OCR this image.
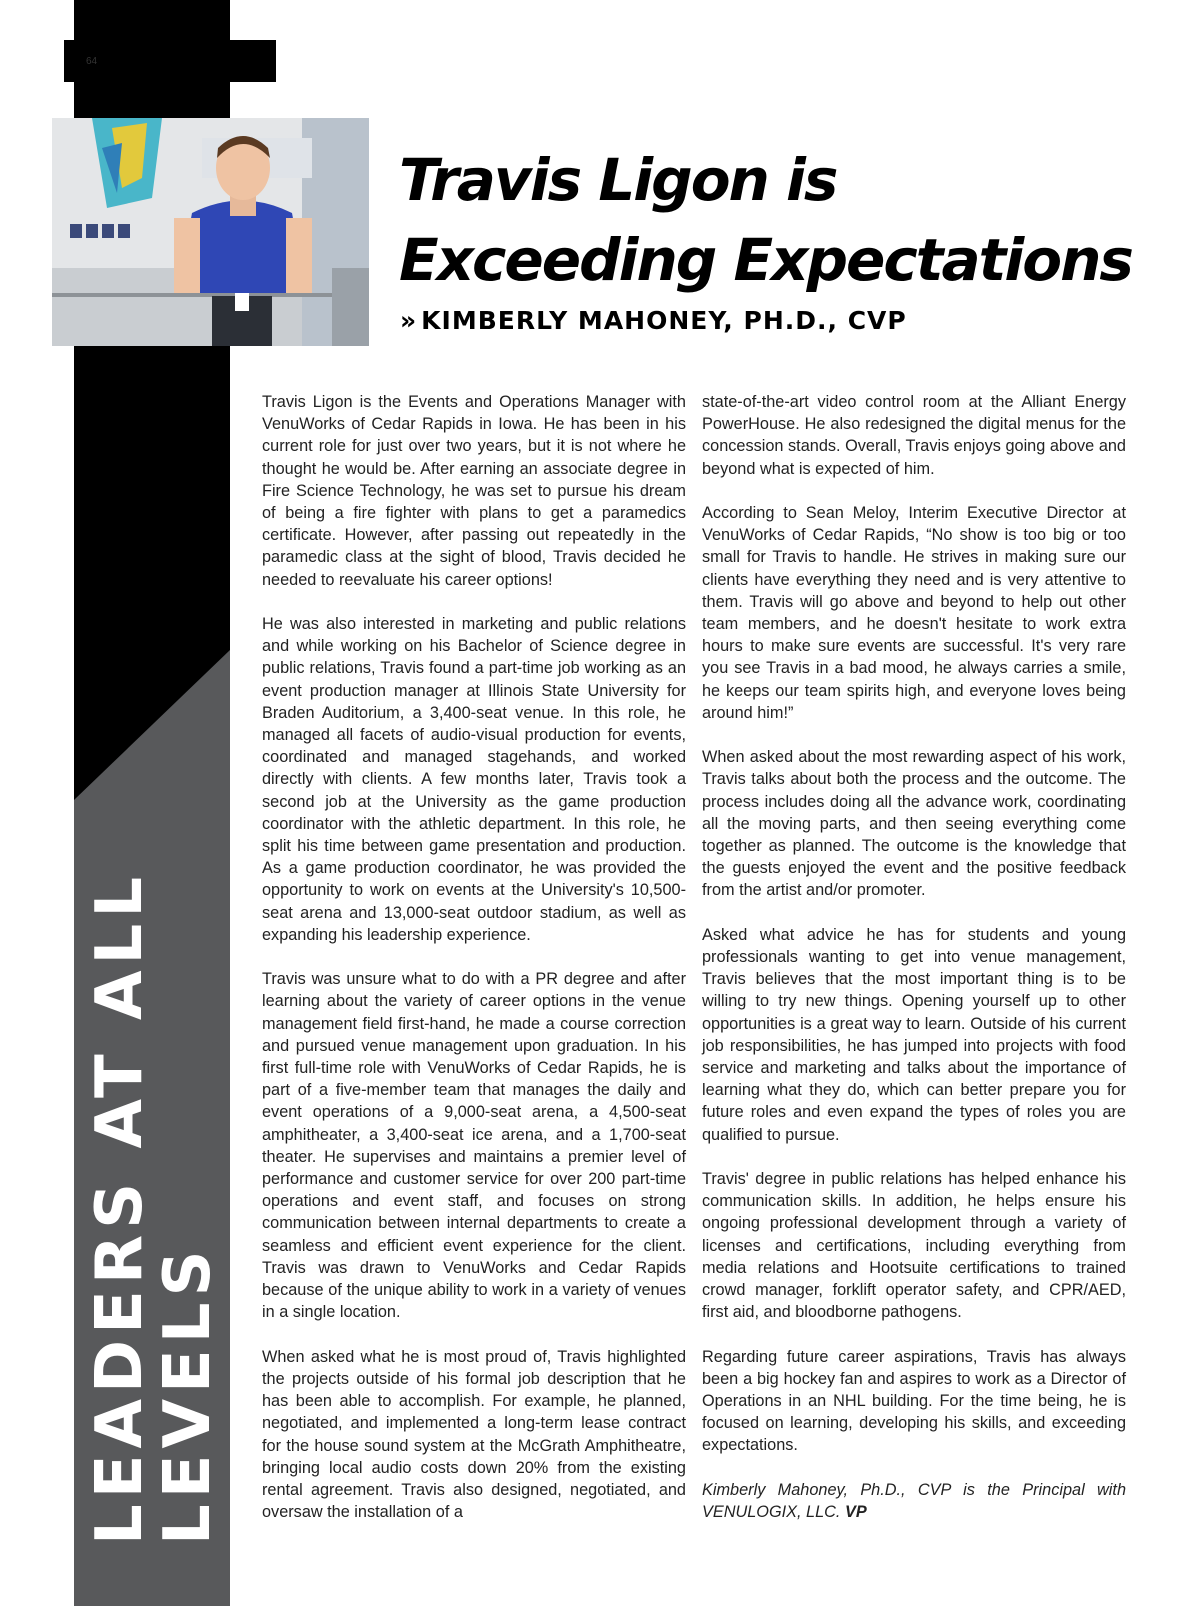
64
LEADERS AT ALL
LEVELS
Travis Ligon is Exceeding Expectations
» KIMBERLY MAHONEY, PH.D., CVP

Travis Ligon is the Events and Operations Manager with VenuWorks of Cedar Rapids in Iowa. He has been in his current role for just over two years, but it is not where he thought he would be. After earning an associate degree in Fire Science Technology, he was set to pursue his dream of being a fire fighter with plans to get a paramedics certificate. However, after passing out repeatedly in the paramedic class at the sight of blood, Travis decided he needed to reevaluate his career options!

He was also interested in marketing and public relations and while working on his Bachelor of Science degree in public relations, Travis found a part-time job working as an event production manager at Illinois State University for Braden Auditorium, a 3,400-seat venue. In this role, he managed all facets of audio-visual production for events, coordinated and managed stagehands, and worked directly with clients. A few months later, Travis took a second job at the University as the game production coordinator with the athletic department. In this role, he split his time between game presentation and production. As a game production coordinator, he was provided the opportunity to work on events at the University's 10,500-seat arena and 13,000-seat outdoor stadium, as well as expanding his leadership experience.

Travis was unsure what to do with a PR degree and after learning about the variety of career options in the venue management field first-hand, he made a course correction and pursued venue management upon graduation. In his first full-time role with VenuWorks of Cedar Rapids, he is part of a five-member team that manages the daily and event operations of a 9,000-seat arena, a 4,500-seat amphitheater, a 3,400-seat ice arena, and a 1,700-seat theater. He supervises and maintains a premier level of performance and customer service for over 200 part-time operations and event staff, and focuses on strong communication between internal departments to create a seamless and efficient event experience for the client. Travis was drawn to VenuWorks and Cedar Rapids because of the unique ability to work in a variety of venues in a single location.

When asked what he is most proud of, Travis highlighted the projects outside of his formal job description that he has been able to accomplish. For example, he planned, negotiated, and implemented a long-term lease contract for the house sound system at the McGrath Amphitheatre, bringing local audio costs down 20% from the existing rental agreement. Travis also designed, negotiated, and oversaw the installation of a

state-of-the-art video control room at the Alliant Energy PowerHouse. He also redesigned the digital menus for the concession stands. Overall, Travis enjoys going above and beyond what is expected of him.

According to Sean Meloy, Interim Executive Director at VenuWorks of Cedar Rapids, “No show is too big or too small for Travis to handle. He strives in making sure our clients have everything they need and is very attentive to them. Travis will go above and beyond to help out other team members, and he doesn't hesitate to work extra hours to make sure events are successful. It's very rare you see Travis in a bad mood, he always carries a smile, he keeps our team spirits high, and everyone loves being around him!”

When asked about the most rewarding aspect of his work, Travis talks about both the process and the outcome. The process includes doing all the advance work, coordinating all the moving parts, and then seeing everything come together as planned. The outcome is the knowledge that the guests enjoyed the event and the positive feedback from the artist and/or promoter.

Asked what advice he has for students and young professionals wanting to get into venue management, Travis believes that the most important thing is to be willing to try new things. Opening yourself up to other opportunities is a great way to learn. Outside of his current job responsibilities, he has jumped into projects with food service and marketing and talks about the importance of learning what they do, which can better prepare you for future roles and even expand the types of roles you are qualified to pursue.

Travis' degree in public relations has helped enhance his communication skills. In addition, he helps ensure his ongoing professional development through a variety of licenses and certifications, including everything from media relations and Hootsuite certifications to trained crowd manager, forklift operator safety, and CPR/AED, first aid, and bloodborne pathogens.

Regarding future career aspirations, Travis has always been a big hockey fan and aspires to work as a Director of Operations in an NHL building. For the time being, he is focused on learning, developing his skills, and exceeding expectations.

Kimberly Mahoney, Ph.D., CVP is the Principal with VENULOGIX, LLC. VP
